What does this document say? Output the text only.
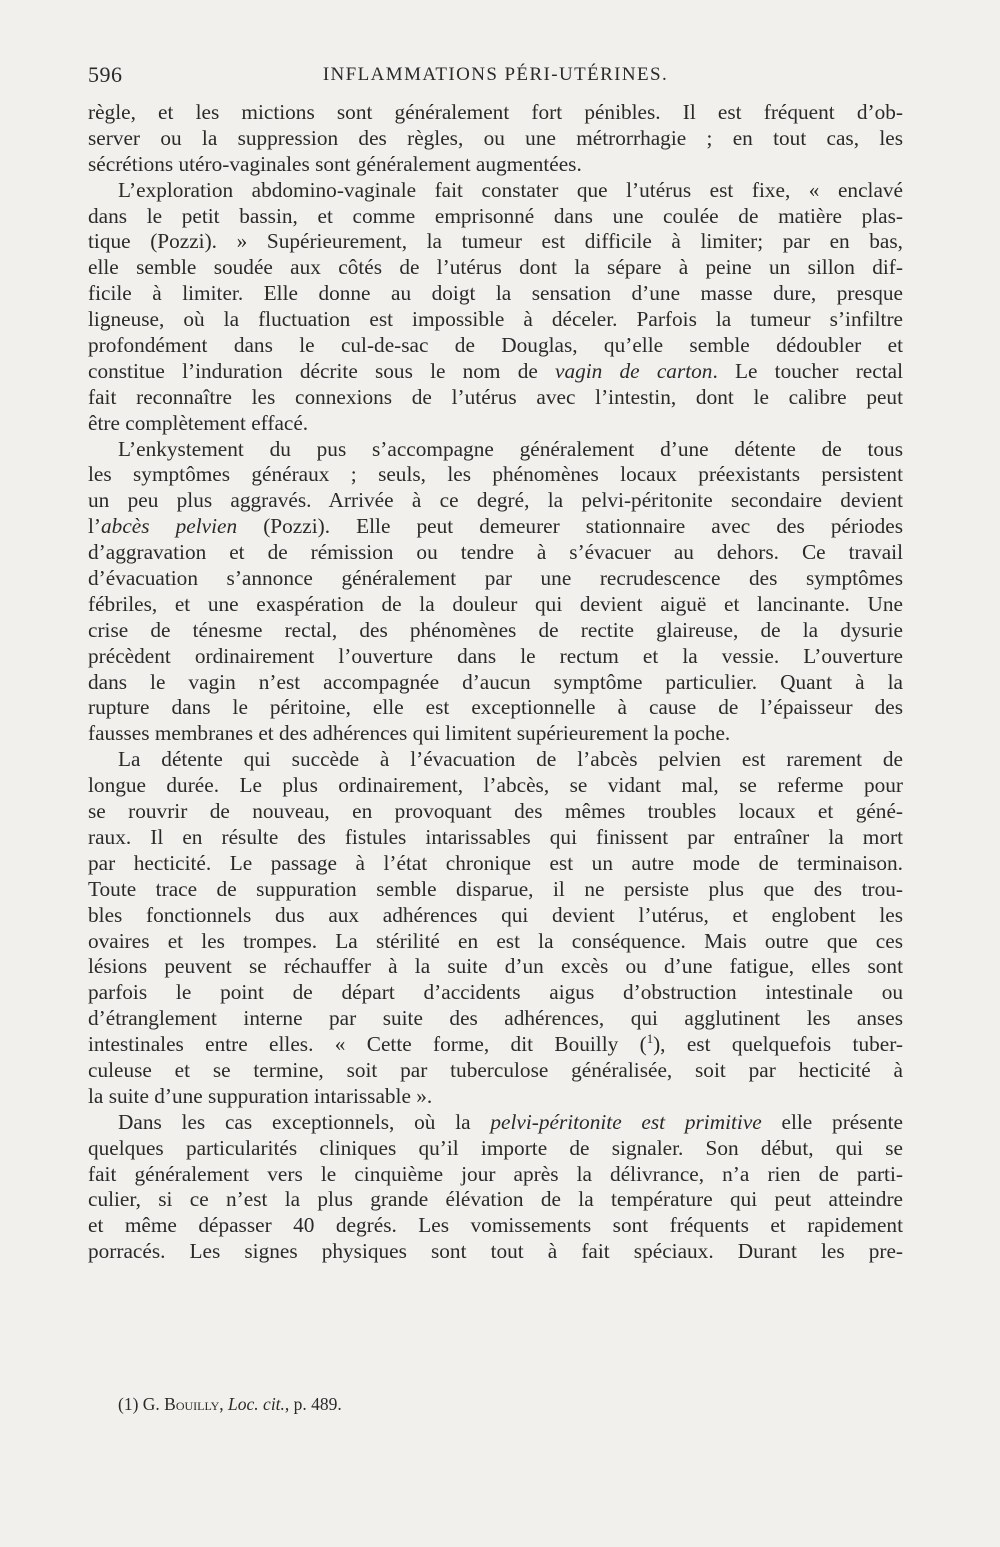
596	INFLAMMATIONS PÉRI-UTÉRINES.
règle, et les mictions sont généralement fort pénibles. Il est fréquent d’ob-
server ou la suppression des règles, ou une métrorrhagie ; en tout cas, les
sécrétions utéro-vaginales sont généralement augmentées.
L’exploration abdomino-vaginale fait constater que l’utérus est fixe, « enclavé
dans le petit bassin, et comme emprisonné dans une coulée de matière plas-
tique (Pozzi). » Supérieurement, la tumeur est difficile à limiter; par en bas,
elle semble soudée aux côtés de l’utérus dont la sépare à peine un sillon dif-
ficile à limiter. Elle donne au doigt la sensation d’une masse dure, presque
ligneuse, où la fluctuation est impossible à déceler. Parfois la tumeur s’infiltre
profondément dans le cul-de-sac de Douglas, qu’elle semble dédoubler et
constitue l’induration décrite sous le nom de vagin de carton. Le toucher rectal
fait reconnaître les connexions de l’utérus avec l’intestin, dont le calibre peut
être complètement effacé.
L’enkystement du pus s’accompagne généralement d’une détente de tous
les symptômes généraux ; seuls, les phénomènes locaux préexistants persistent
un peu plus aggravés. Arrivée à ce degré, la pelvi-péritonite secondaire devient
l’abcès pelvien (Pozzi). Elle peut demeurer stationnaire avec des périodes
d’aggravation et de rémission ou tendre à s’évacuer au dehors. Ce travail
d’évacuation s’annonce généralement par une recrudescence des symptômes
fébriles, et une exaspération de la douleur qui devient aiguë et lancinante. Une
crise de ténesme rectal, des phénomènes de rectite glaireuse, de la dysurie
précèdent ordinairement l’ouverture dans le rectum et la vessie. L’ouverture
dans le vagin n’est accompagnée d’aucun symptôme particulier. Quant à la
rupture dans le péritoine, elle est exceptionnelle à cause de l’épaisseur des
fausses membranes et des adhérences qui limitent supérieurement la poche.
La détente qui succède à l’évacuation de l’abcès pelvien est rarement de
longue durée. Le plus ordinairement, l’abcès, se vidant mal, se referme pour
se rouvrir de nouveau, en provoquant des mêmes troubles locaux et géné-
raux. Il en résulte des fistules intarissables qui finissent par entraîner la mort
par hecticité. Le passage à l’état chronique est un autre mode de terminaison.
Toute trace de suppuration semble disparue, il ne persiste plus que des trou-
bles fonctionnels dus aux adhérences qui devient l’utérus, et englobent les
ovaires et les trompes. La stérilité en est la conséquence. Mais outre que ces
lésions peuvent se réchauffer à la suite d’un excès ou d’une fatigue, elles sont
parfois le point de départ d’accidents aigus d’obstruction intestinale ou
d’étranglement interne par suite des adhérences, qui agglutinent les anses
intestinales entre elles. « Cette forme, dit Bouilly ($^1$), est quelquefois tuber-
culeuse et se termine, soit par tuberculose généralisée, soit par hecticité à
la suite d’une suppuration intarissable ».
Dans les cas exceptionnels, où la pelvi-péritonite est primitive elle présente
quelques particularités cliniques qu’il importe de signaler. Son début, qui se
fait généralement vers le cinquième jour après la délivrance, n’a rien de parti-
culier, si ce n’est la plus grande élévation de la température qui peut atteindre
et même dépasser 40 degrés. Les vomissements sont fréquents et rapidement
porracés. Les signes physiques sont tout à fait spéciaux. Durant les pre-
(1) G. Bouilly, Loc. cit., p. 489.
